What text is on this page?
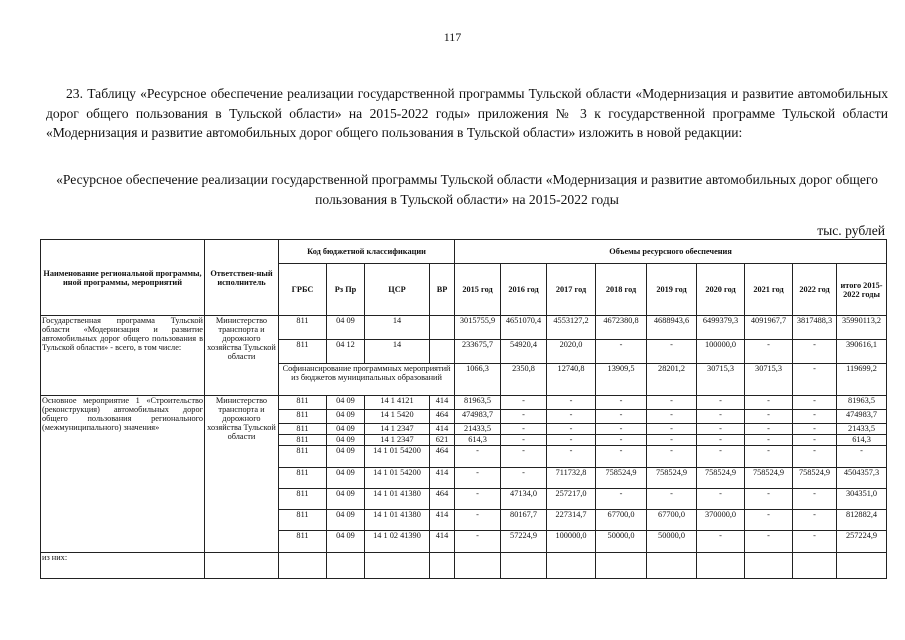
117
23. Таблицу «Ресурсное обеспечение реализации государственной программы Тульской области «Модернизация и развитие автомобильных дорог общего пользования в Тульской области» на 2015-2022 годы» приложения № 3 к государственной программе Тульской области «Модернизация и развитие автомобильных дорог общего пользования в Тульской области» изложить в новой редакции:
«Ресурсное обеспечение реализации государственной программы Тульской области «Модернизация и развитие автомобильных дорог общего пользования в Тульской области» на 2015-2022 годы
тыс. рублей
Наименование региональной программы, иной программы, мероприятий	Ответствен-ный исполнитель	Код бюджетной классификации				Объемы ресурсного обеспечения								
		ГРБС	Рз Пр	ЦСР	ВР	2015 год	2016 год	2017 год	2018 год	2019 год	2020 год	2021 год	2022 год	итого 2015-2022 годы
Государственная программа Тульской области «Модернизация и развитие автомобильных дорог общего пользования в Тульской области» - всего, в том числе:	Министерство транспорта и дорожного хозяйства Тульской области	811	04 09	14		3015755,9	4651070,4	4553127,2	4672380,8	4688943,6	6499379,3	4091967,7	3817488,3	35990113,2
		811	04 12	14		233675,7	54920,4	2020,0	-	-	100000,0	-	-	390616,1
		Софинансирование программных мероприятий из бюджетов муниципальных образований				1066,3	2350,8	12740,8	13909,5	28201,2	30715,3	30715,3	-	119699,2
Основное мероприятие 1 «Строительство (реконструкция) автомобильных дорог общего пользования регионального (межмуниципального) значения»	Министерство транспорта и дорожного хозяйства Тульской области	811	04 09	14 1 4121	414	81963,5	-	-	-	-	-	-	-	81963,5
		811	04 09	14 1 5420	464	474983,7	-	-	-	-	-	-	-	474983,7
		811	04 09	14 1 2347	414	21433,5	-	-	-	-	-	-	-	21433,5
		811	04 09	14 1 2347	621	614,3	-	-	-	-	-	-	-	614,3
		811	04 09	14 1 01 54200	464	-	-	-	-	-	-	-	-	-
		811	04 09	14 1 01 54200	414	-	-	711732,8	758524,9	758524,9	758524,9	758524,9	758524,9	4504357,3
		811	04 09	14 1 01 41380	464	-	47134,0	257217,0	-	-	-	-	-	304351,0
		811	04 09	14 1 01 41380	414	-	80167,7	227314,7	67700,0	67700,0	370000,0	-	-	812882,4
		811	04 09	14 1 02 41390	414	-	57224,9	100000,0	50000,0	50000,0	-	-	-	257224,9
из них:														
